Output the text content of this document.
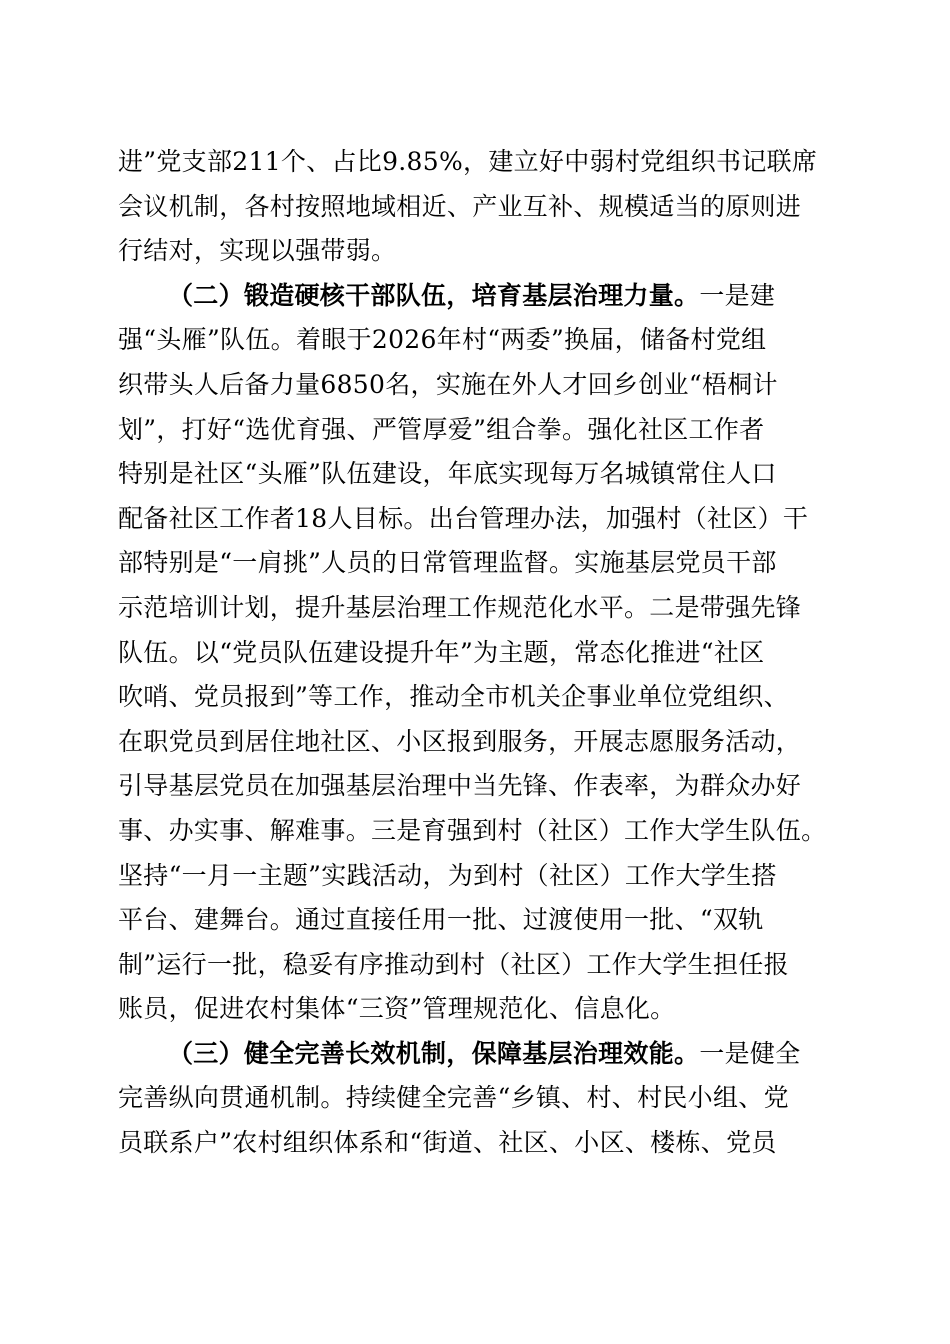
进”党支部211个、占比9.85%，建立好中弱村党组织书记联席
会议机制，各村按照地域相近、产业互补、规模适当的原则进
行结对，实现以强带弱。
（二）锻造硬核干部队伍，培育基层治理力量。一是建
强“头雁”队伍。着眼于2026年村“两委”换届，储备村党组
织带头人后备力量6850名，实施在外人才回乡创业“梧桐计
划”，打好“选优育强、严管厚爱”组合拳。强化社区工作者
特别是社区“头雁”队伍建设，年底实现每万名城镇常住人口
配备社区工作者18人目标。出台管理办法，加强村（社区）干
部特别是“一肩挑”人员的日常管理监督。实施基层党员干部
示范培训计划，提升基层治理工作规范化水平。二是带强先锋
队伍。以“党员队伍建设提升年”为主题，常态化推进“社区
吹哨、党员报到”等工作，推动全市机关企事业单位党组织、
在职党员到居住地社区、小区报到服务，开展志愿服务活动，
引导基层党员在加强基层治理中当先锋、作表率，为群众办好
事、办实事、解难事。三是育强到村（社区）工作大学生队伍。
坚持“一月一主题”实践活动，为到村（社区）工作大学生搭
平台、建舞台。通过直接任用一批、过渡使用一批、“双轨
制”运行一批，稳妥有序推动到村（社区）工作大学生担任报
账员，促进农村集体“三资”管理规范化、信息化。
（三）健全完善长效机制，保障基层治理效能。一是健全
完善纵向贯通机制。持续健全完善“乡镇、村、村民小组、党
员联系户”农村组织体系和“街道、社区、小区、楼栋、党员
